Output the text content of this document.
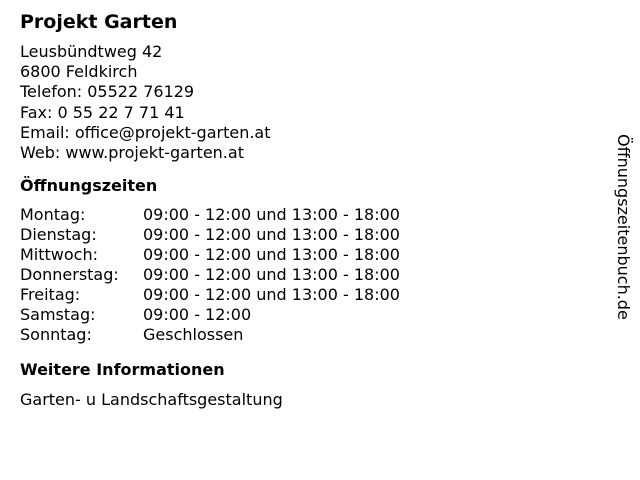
Projekt Garten
Leusbündtweg 42
6800 Feldkirch
Telefon: 05522 76129
Fax: 0 55 22 7 71 41
Email: office@projekt-garten.at
Web: www.projekt-garten.at
Öffnungszeiten
Montag:	09:00 - 12:00 und 13:00 - 18:00
Dienstag:	09:00 - 12:00 und 13:00 - 18:00
Mittwoch:	09:00 - 12:00 und 13:00 - 18:00
Donnerstag:	09:00 - 12:00 und 13:00 - 18:00
Freitag:	09:00 - 12:00 und 13:00 - 18:00
Samstag:	09:00 - 12:00
Sonntag:	Geschlossen
Weitere Informationen
Garten- u Landschaftsgestaltung
Öffnungszeitenbuch.de
